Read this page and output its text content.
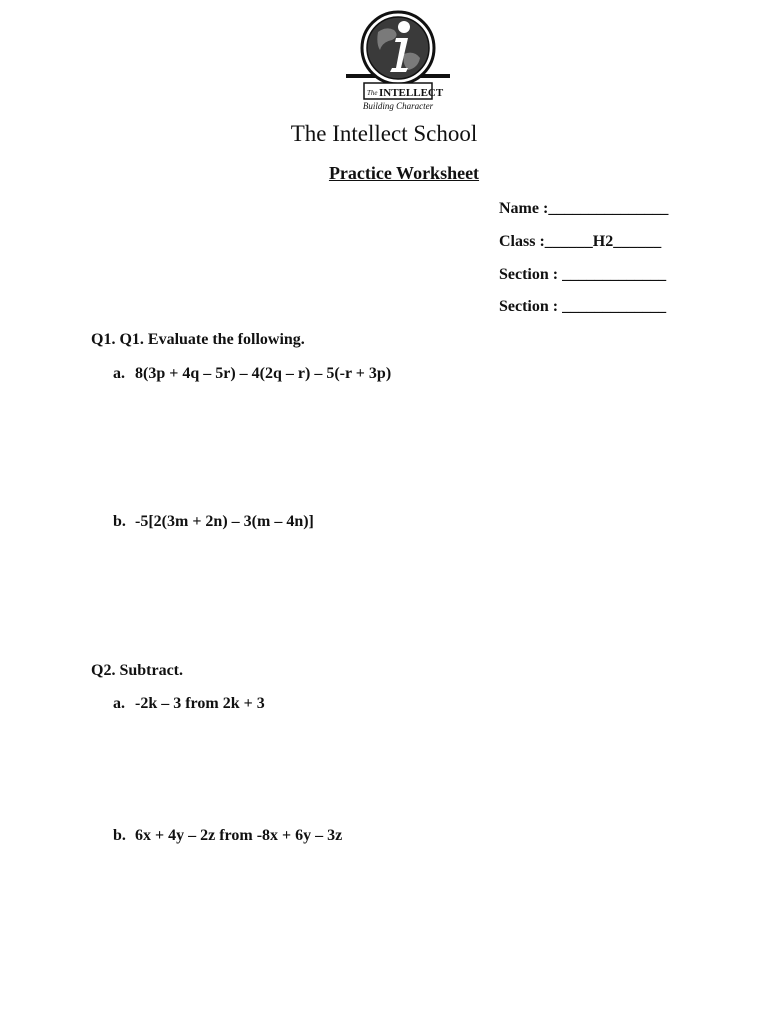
The INTELLECT
Building Character
The Intellect School
Practice Worksheet
Name :_______________
Class :______H2______
Section : _____________
Section : _____________
Q1. Q1. Evaluate the following.
a. 8(3p + 4q – 5r) – 4(2q – r) – 5(-r + 3p)
b. -5[2(3m + 2n) – 3(m – 4n)]
Q2. Subtract.
a. -2k – 3 from 2k + 3
b. 6x + 4y – 2z from -8x + 6y – 3z
